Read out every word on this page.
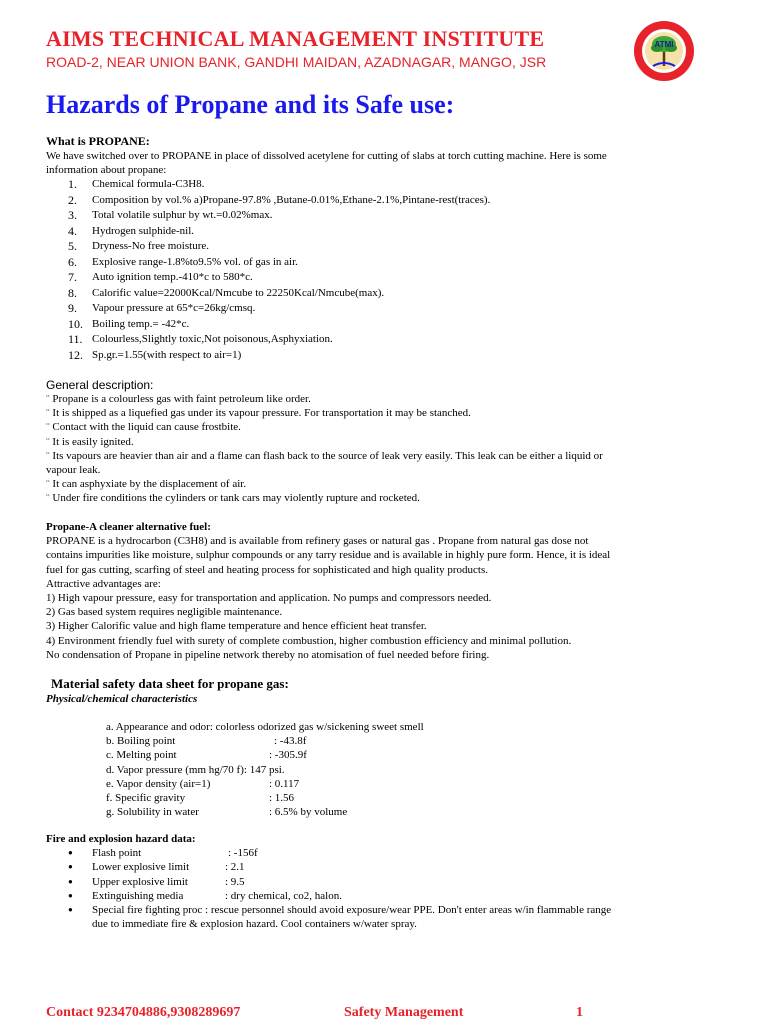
AIMS TECHNICAL MANAGEMENT INSTITUTE
ROAD-2, NEAR UNION BANK, GANDHI MAIDAN, AZADNAGAR, MANGO, JSR
ATMI
Hazards of Propane and its Safe use:
What is PROPANE:
We have switched over to PROPANE in place of dissolved acetylene for cutting of slabs at torch cutting machine. Here is some
information about propane:
1. Chemical formula-C3H8.
2. Composition by vol.% a)Propane-97.8% ,Butane-0.01%,Ethane-2.1%,Pintane-rest(traces).
3. Total volatile sulphur by wt.=0.02%max.
4. Hydrogen sulphide-nil.
5. Dryness-No free moisture.
6. Explosive range-1.8%to9.5% vol. of gas in air.
7. Auto ignition temp.-410*c to 580*c.
8. Calorific value=22000Kcal/Nmcube to 22250Kcal/Nmcube(max).
9. Vapour pressure at 65*c=26kg/cmsq.
10. Boiling temp.= -42*c.
11. Colourless,Slightly toxic,Not poisonous,Asphyxiation.
12. Sp.gr.=1.55(with respect to air=1)
General description:
¨ Propane is a colourless gas with faint petroleum like order.
¨ It is shipped as a liquefied gas under its vapour pressure. For transportation it may be stanched.
¨ Contact with the liquid can cause frostbite.
¨ It is easily ignited.
¨ Its vapours are heavier than air and a flame can flash back to the source of leak very easily. This leak can be either a liquid or
vapour leak.
¨ It can asphyxiate by the displacement of air.
¨ Under fire conditions the cylinders or tank cars may violently rupture and rocketed.
Propane-A cleaner alternative fuel:
PROPANE is a hydrocarbon (C3H8) and is available from refinery gases or natural gas . Propane from natural gas dose not
contains impurities like moisture, sulphur compounds or any tarry residue and is available in highly pure form. Hence, it is ideal
fuel for gas cutting, scarfing of steel and heating process for sophisticated and high quality products.
Attractive advantages are:
1) High vapour pressure, easy for transportation and application. No pumps and compressors needed.
2) Gas based system requires negligible maintenance.
3) Higher Calorific value and high flame temperature and hence efficient heat transfer.
4) Environment friendly fuel with surety of complete combustion, higher combustion efficiency and minimal pollution.
No condensation of Propane in pipeline network thereby no atomisation of fuel needed before firing.
Material safety data sheet for propane gas:
Physical/chemical characteristics
a. Appearance and odor: colorless odorized gas w/sickening sweet smell
b. Boiling point	: -43.8f
c. Melting point	: -305.9f
d. Vapor pressure (mm hg/70 f): 147 psi.
e. Vapor density (air=1)	: 0.117
f. Specific gravity	: 1.56
g. Solubility in water	: 6.5% by volume
Fire and explosion hazard data:
● Flash point	: -156f
● Lower explosive limit	: 2.1
● Upper explosive limit	: 9.5
● Extinguishing media	: dry chemical, co2, halon.
● Special fire fighting proc : rescue personnel should avoid exposure/wear PPE. Don't enter areas w/in flammable range
due to immediate fire & explosion hazard. Cool containers w/water spray.
Contact 9234704886,9308289697	Safety Management	1
